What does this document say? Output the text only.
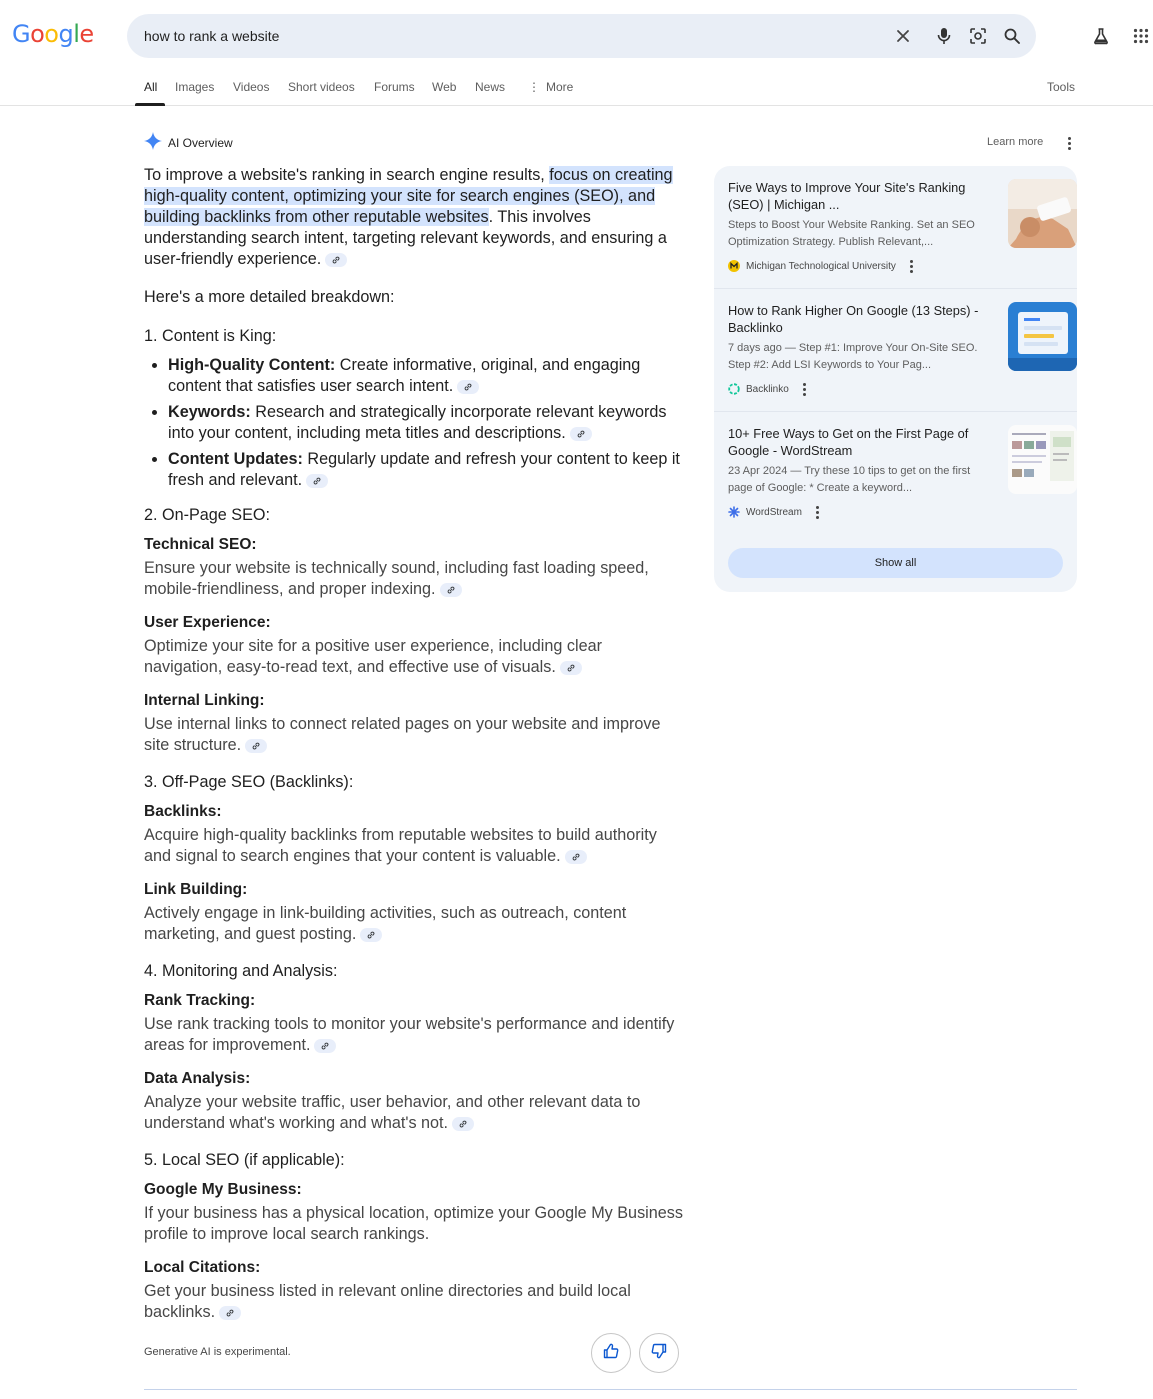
Google	how to rank a website
All Images Videos Short videos Forums Web News ⋮ More	Tools
AI Overview	Learn more

To improve a website's ranking in search engine results, focus on creating high-quality content, optimizing your site for search engines (SEO), and building backlinks from other reputable websites. This involves understanding search intent, targeting relevant keywords, and ensuring a user-friendly experience.

Here's a more detailed breakdown:
1. Content is King:
High-Quality Content: Create informative, original, and engaging content that satisfies user search intent.
Keywords: Research and strategically incorporate relevant keywords into your content, including meta titles and descriptions.
Content Updates: Regularly update and refresh your content to keep it fresh and relevant.
2. On-Page SEO:
Technical SEO:
Ensure your website is technically sound, including fast loading speed, mobile-friendliness, and proper indexing.
User Experience:
Optimize your site for a positive user experience, including clear navigation, easy-to-read text, and effective use of visuals.
Internal Linking:
Use internal links to connect related pages on your website and improve site structure.
3. Off-Page SEO (Backlinks):
Backlinks:
Acquire high-quality backlinks from reputable websites to build authority and signal to search engines that your content is valuable.
Link Building:
Actively engage in link-building activities, such as outreach, content marketing, and guest posting.
4. Monitoring and Analysis:
Rank Tracking:
Use rank tracking tools to monitor your website's performance and identify areas for improvement.
Data Analysis:
Analyze your website traffic, user behavior, and other relevant data to understand what's working and what's not.
5. Local SEO (if applicable):
Google My Business:
If your business has a physical location, optimize your Google My Business profile to improve local search rankings.
Local Citations:
Get your business listed in relevant online directories and build local backlinks.
Generative AI is experimental.
Five Ways to Improve Your Site's Ranking (SEO) | Michigan ...
Steps to Boost Your Website Ranking. Set an SEO Optimization Strategy. Publish Relevant,...
Michigan Technological University
How to Rank Higher On Google (13 Steps) - Backlinko
7 days ago — Step #1: Improve Your On-Site SEO. Step #2: Add LSI Keywords to Your Pag...
Backlinko
10+ Free Ways to Get on the First Page of Google - WordStream
23 Apr 2024 — Try these 10 tips to get on the first page of Google: * Create a keyword...
WordStream
Show all
